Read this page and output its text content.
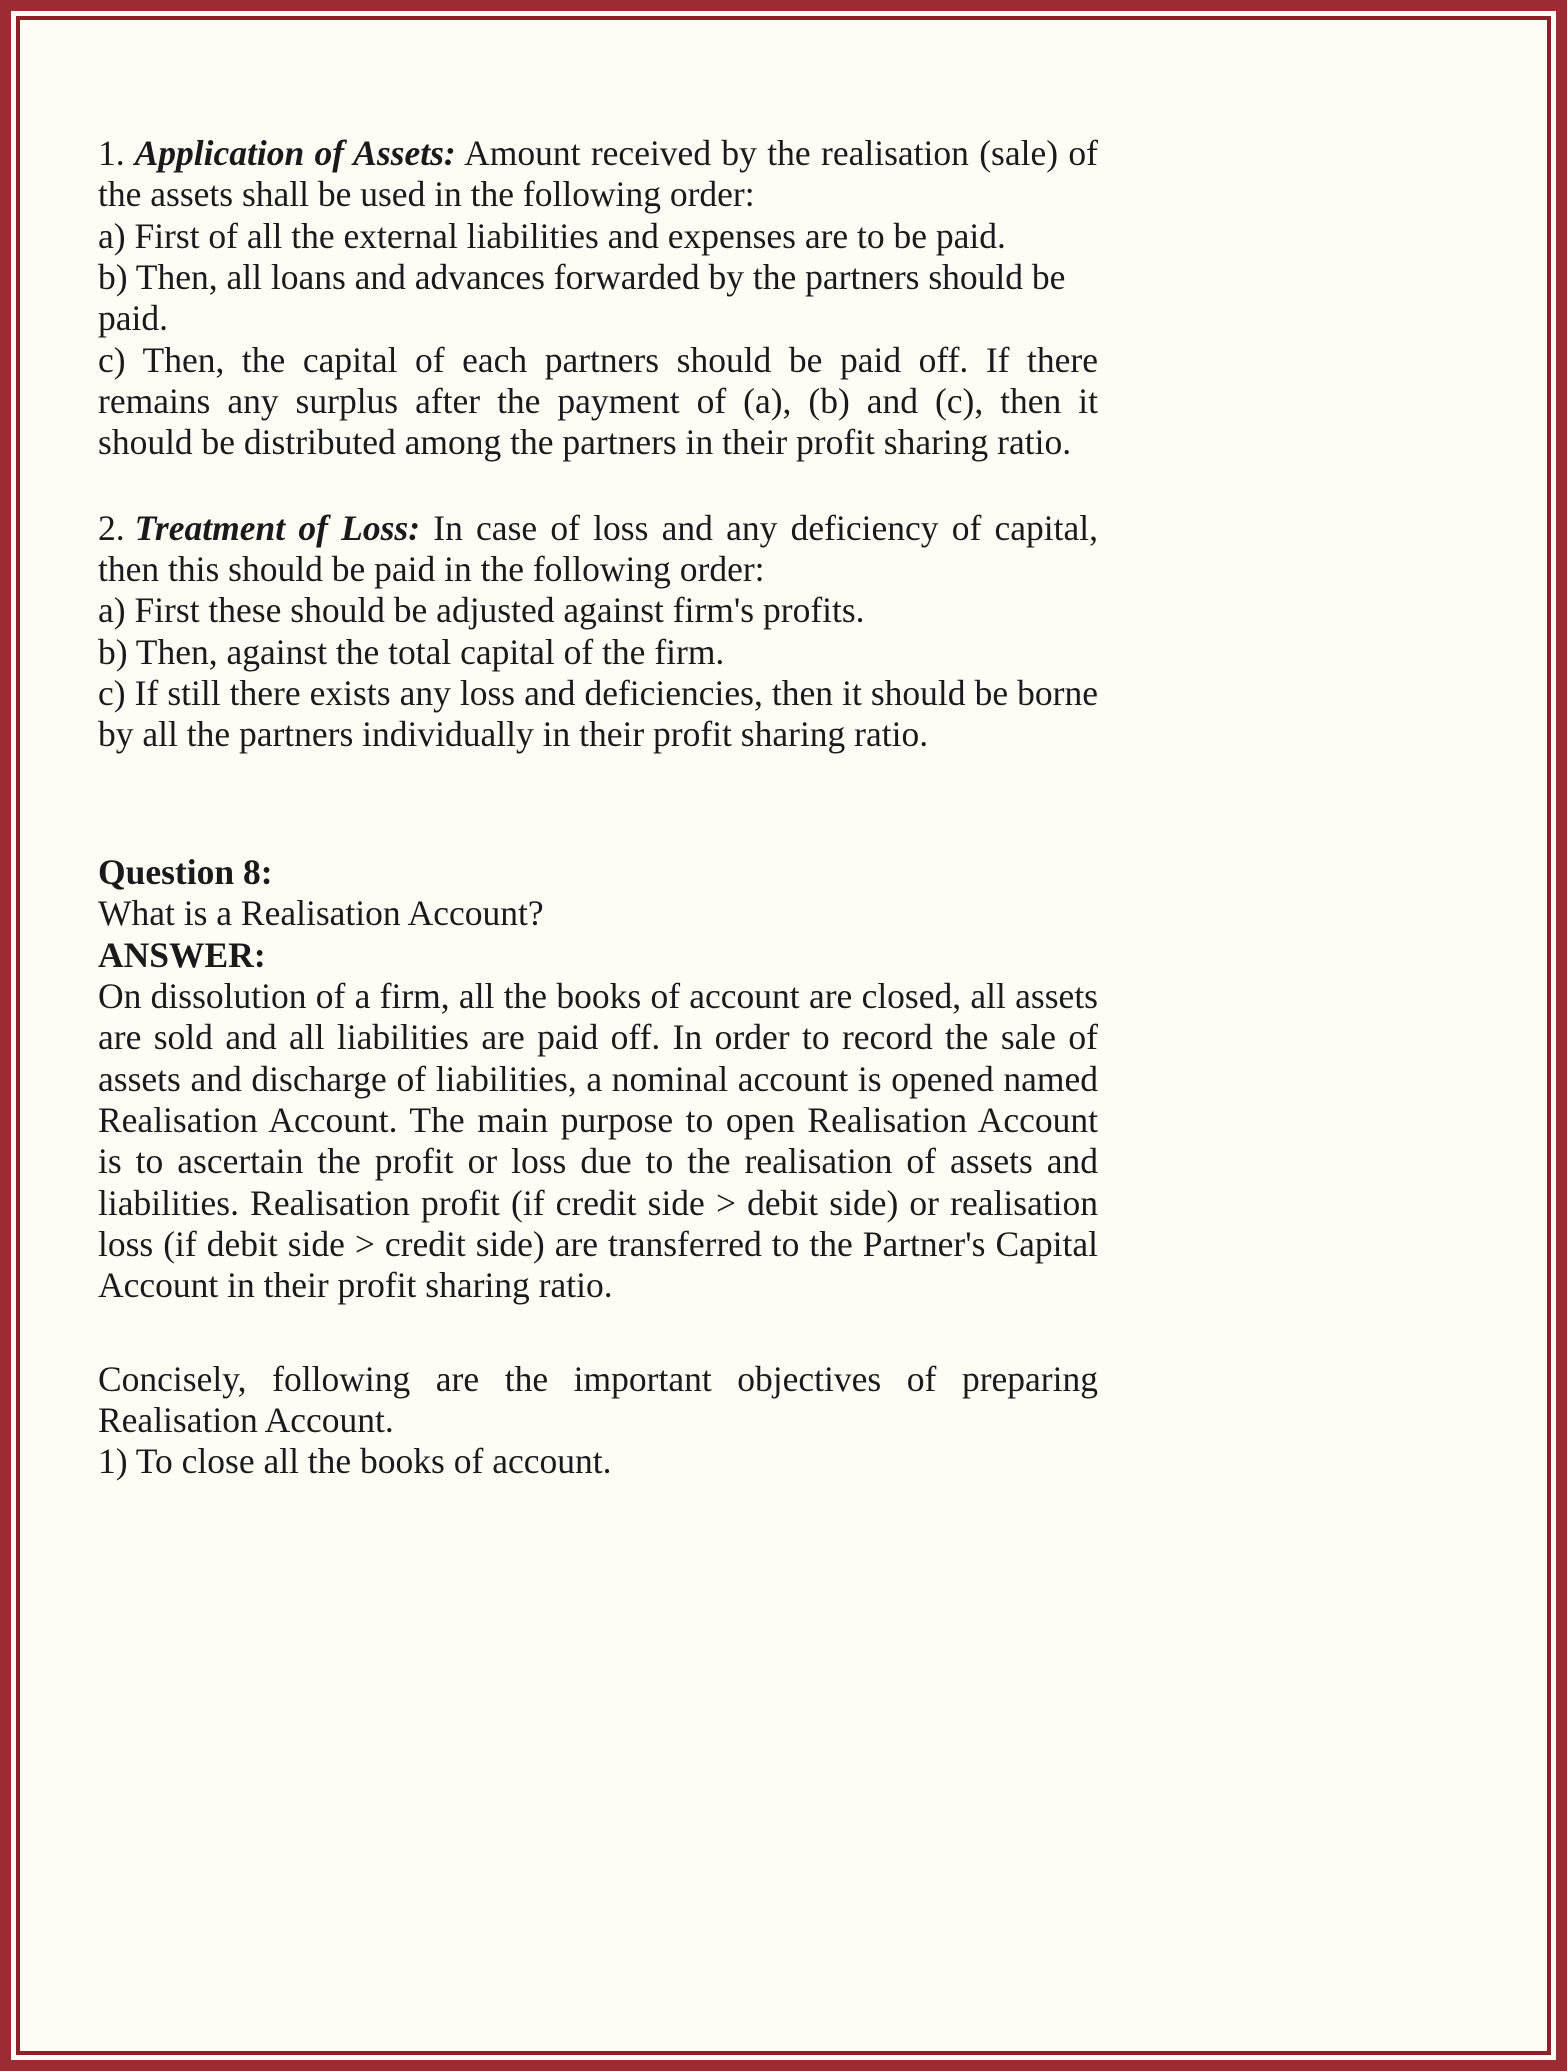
1. Application of Assets: Amount received by the realisation (sale) of the assets shall be used in the following order:

a) First of all the external liabilities and expenses are to be paid.

b) Then, all loans and advances forwarded by the partners should be paid.

c) Then, the capital of each partners should be paid off. If there remains any surplus after the payment of (a), (b) and (c), then it should be distributed among the partners in their profit sharing ratio.

2. Treatment of Loss: In case of loss and any deficiency of capital, then this should be paid in the following order:

a) First these should be adjusted against firm's profits.

b) Then, against the total capital of the firm.

c) If still there exists any loss and deficiencies, then it should be borne by all the partners individually in their profit sharing ratio.

Question 8:

What is a Realisation Account?

ANSWER:

On dissolution of a firm, all the books of account are closed, all assets are sold and all liabilities are paid off. In order to record the sale of assets and discharge of liabilities, a nominal account is opened named Realisation Account. The main purpose to open Realisation Account is to ascertain the profit or loss due to the realisation of assets and liabilities. Realisation profit (if credit side > debit side) or realisation loss (if debit side > credit side) are transferred to the Partner's Capital Account in their profit sharing ratio.

Concisely, following are the important objectives of preparing Realisation Account.

1) To close all the books of account.
